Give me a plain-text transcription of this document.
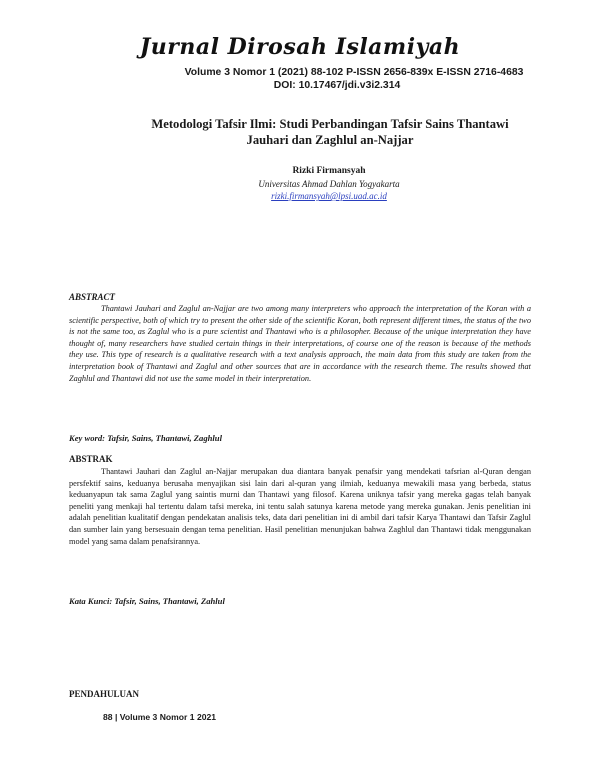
Jurnal Dirosah Islamiyah
Volume 3 Nomor 1 (2021) 88-102 P-ISSN 2656-839x E-ISSN 2716-4683
DOI: 10.17467/jdi.v3i2.314
Metodologi Tafsir Ilmi: Studi Perbandingan Tafsir Sains Thantawi
Jauhari dan Zaghlul an-Najjar
Rizki Firmansyah
Universitas Ahmad Dahlan Yogyakarta
rizki.firmansyah@lpsi.uad.ac.id
ABSTRACT

Thantawi Jauhari and Zaglul an-Najjar are two among many interpreters who approach the interpretation of the Koran with a scientific perspective, both of which try to present the other side of the scientific Koran, both represent different times, the status of the two is not the same too, as Zaglul who is a pure scientist and Thantawi who is a philosopher. Because of the unique interpretation they have thought of, many researchers have studied certain things in their interpretations, of course one of the reason is because of the methods they use. This type of research is a qualitative research with a text analysis approach, the main data from this study are taken from the interpretation book of Thantawi and Zaglul and other sources that are in accordance with the research theme. The results showed that Zaghlul and Thantawi did not use the same model in their interpretation.

Key word: Tafsir, Sains, Thantawi, Zaghlul
ABSTRAK

Thantawi Jauhari dan Zaglul an-Najjar merupakan dua diantara banyak penafsir yang mendekati tafsrian al-Quran dengan persfektif sains, keduanya berusaha menyajikan sisi lain dari al-quran yang ilmiah, keduanya mewakili masa yang berbeda, status keduanyapun tak sama Zaglul yang saintis murni dan Thantawi yang filosof. Karena uniknya tafsir yang mereka gagas telah banyak peneliti yang menkaji hal tertentu dalam tafsi mereka, ini tentu salah satunya karena metode yang mereka gunakan. Jenis penelitian ini adalah penelitian kualitatif dengan pendekatan analisis teks, data dari penelitian ini di ambil dari tafsir Karya Thantawi dan Tafsir Zaglul dan sumber lain yang bersesuain dengan tema penelitian. Hasil penelitian menunjukan bahwa Zaghlul dan Thantawi tidak menggunakan model yang sama dalam penafsirannya.

Kata Kunci: Tafsir, Sains, Thantawi, Zahlul
PENDAHULUAN
88 | Volume 3 Nomor 1 2021
